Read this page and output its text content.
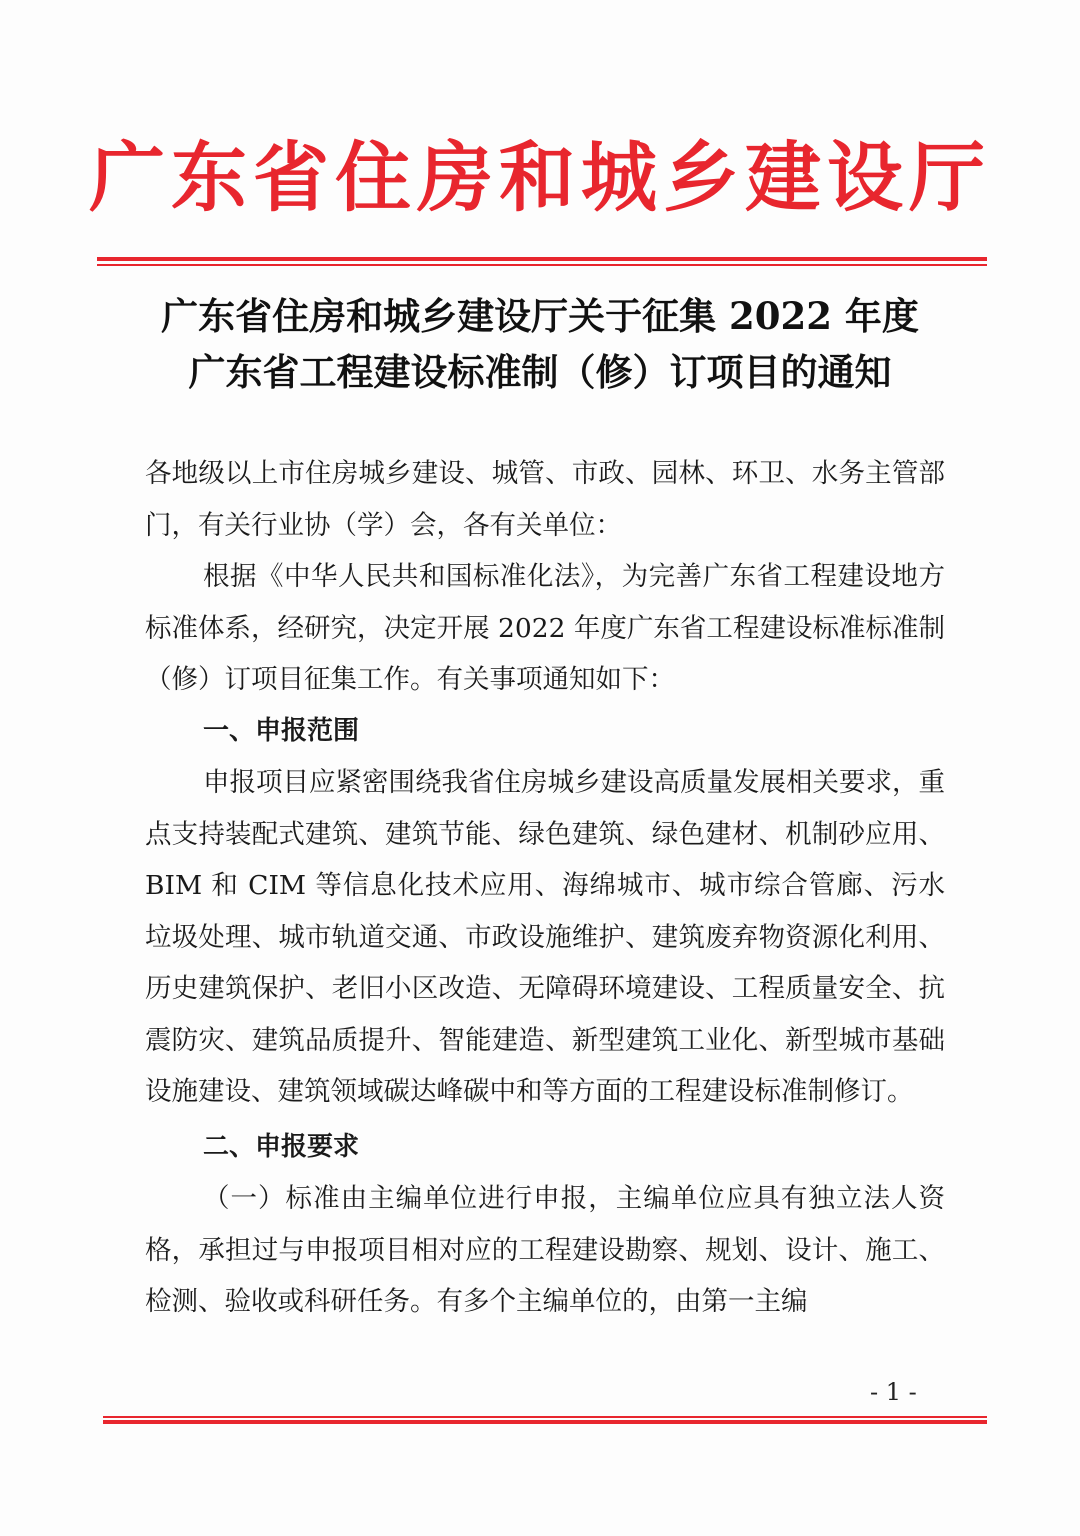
广东省住房和城乡建设厅
广东省住房和城乡建设厅关于征集 2022 年度
广东省工程建设标准制（修）订项目的通知

各地级以上市住房城乡建设、城管、市政、园林、环卫、水务主管部门，有关行业协（学）会，各有关单位：

根据《中华人民共和国标准化法》，为完善广东省工程建设地方标准体系，经研究，决定开展 2022 年度广东省工程建设标准标准制（修）订项目征集工作。有关事项通知如下：

一、申报范围

申报项目应紧密围绕我省住房城乡建设高质量发展相关要求，重点支持装配式建筑、建筑节能、绿色建筑、绿色建材、机制砂应用、BIM 和 CIM 等信息化技术应用、海绵城市、城市综合管廊、污水垃圾处理、城市轨道交通、市政设施维护、建筑废弃物资源化利用、历史建筑保护、老旧小区改造、无障碍环境建设、工程质量安全、抗震防灾、建筑品质提升、智能建造、新型建筑工业化、新型城市基础设施建设、建筑领域碳达峰碳中和等方面的工程建设标准制修订。

二、申报要求

（一）标准由主编单位进行申报，主编单位应具有独立法人资格，承担过与申报项目相对应的工程建设勘察、规划、设计、施工、检测、验收或科研任务。有多个主编单位的，由第一主编

- 1 -
